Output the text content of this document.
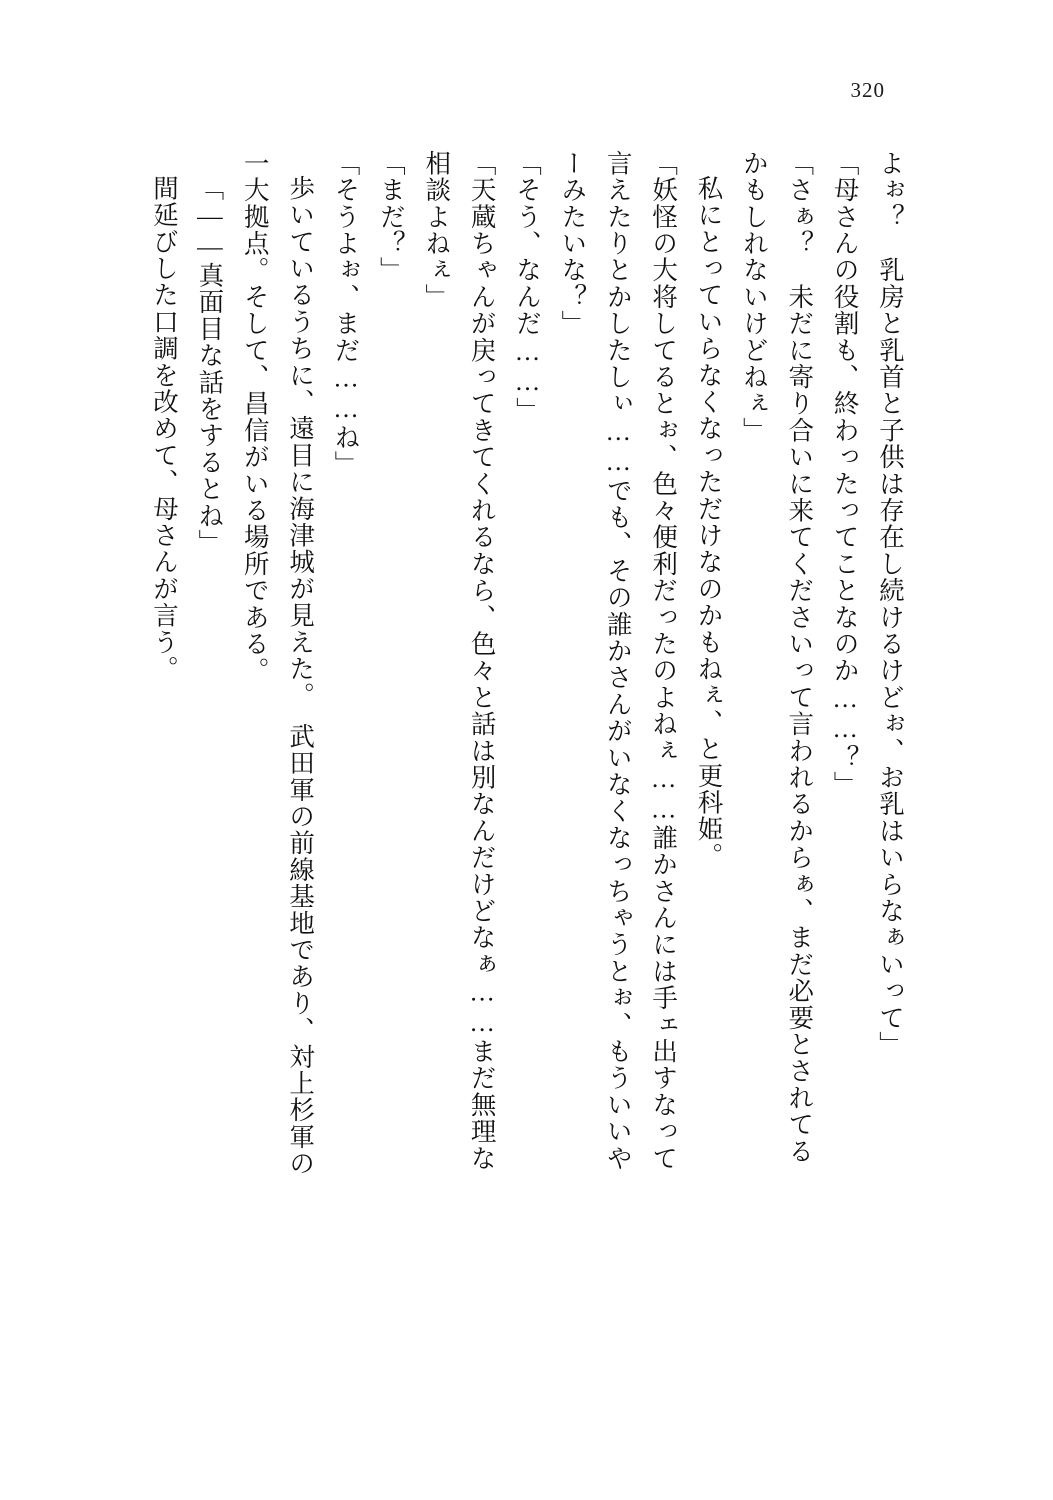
320

よぉ？　乳房と乳首と子供は存在し続けるけどぉ、お乳はいらなぁいって」

「母さんの役割も、終わったってことなのか……？」

「さぁ？　未だに寄り合いに来てくださいって言われるからぁ、まだ必要とされてる

かもしれないけどねぇ」

私にとっていらなくなっただけなのかもねぇ、と更科姫。

「妖怪の大将してるとぉ、色々便利だったのよねぇ……誰かさんには手ェ出すなって

言えたりとかしたしぃ……でも、その誰かさんがいなくなっちゃうとぉ、もういいや

ーみたいな？」

「そう、なんだ……」

「天蔵ちゃんが戻ってきてくれるなら、色々と話は別なんだけどなぁ……まだ無理な

相談よねぇ」

「まだ？」

「そうよぉ、まだ……ね」

歩いているうちに、遠目に海津城が見えた。　武田軍の前線基地であり、対上杉軍の

一大拠点。そして、昌信がいる場所である。

「――真面目な話をするとね」

間延びした口調を改めて、母さんが言う。
